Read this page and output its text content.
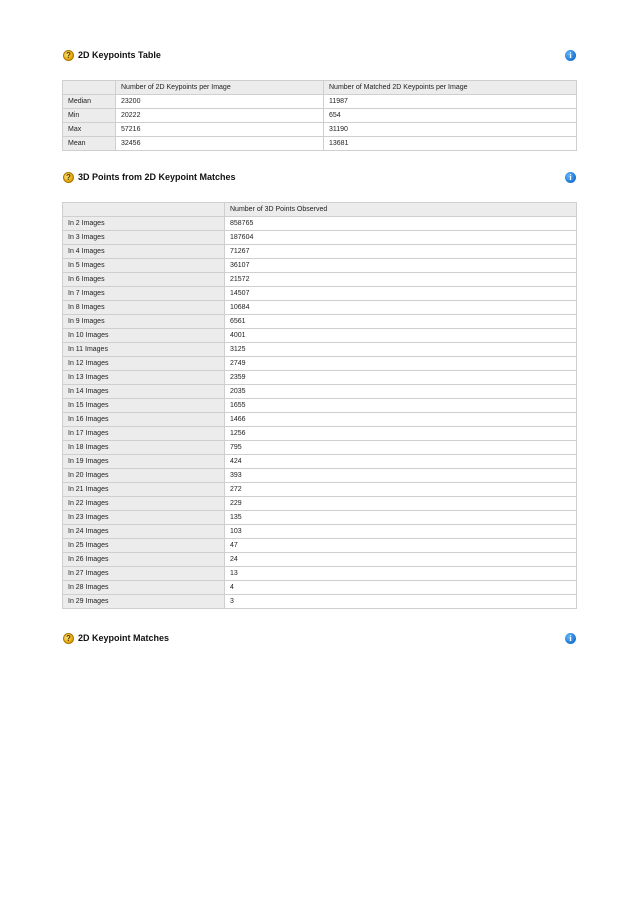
? 2D Keypoints Table	i
	Number of 2D Keypoints per Image	Number of Matched 2D Keypoints per Image
Median	23200	11987
Min	20222	654
Max	57216	31190
Mean	32456	13681
? 3D Points from 2D Keypoint Matches	i
	Number of 3D Points Observed
In 2 Images	858765
In 3 Images	187604
In 4 Images	71267
In 5 Images	36107
In 6 Images	21572
In 7 Images	14507
In 8 Images	10684
In 9 Images	6561
In 10 Images	4001
In 11 Images	3125
In 12 Images	2749
In 13 Images	2359
In 14 Images	2035
In 15 Images	1655
In 16 Images	1466
In 17 Images	1256
In 18 Images	795
In 19 Images	424
In 20 Images	393
In 21 Images	272
In 22 Images	229
In 23 Images	135
In 24 Images	103
In 25 Images	47
In 26 Images	24
In 27 Images	13
In 28 Images	4
In 29 Images	3
? 2D Keypoint Matches	i
